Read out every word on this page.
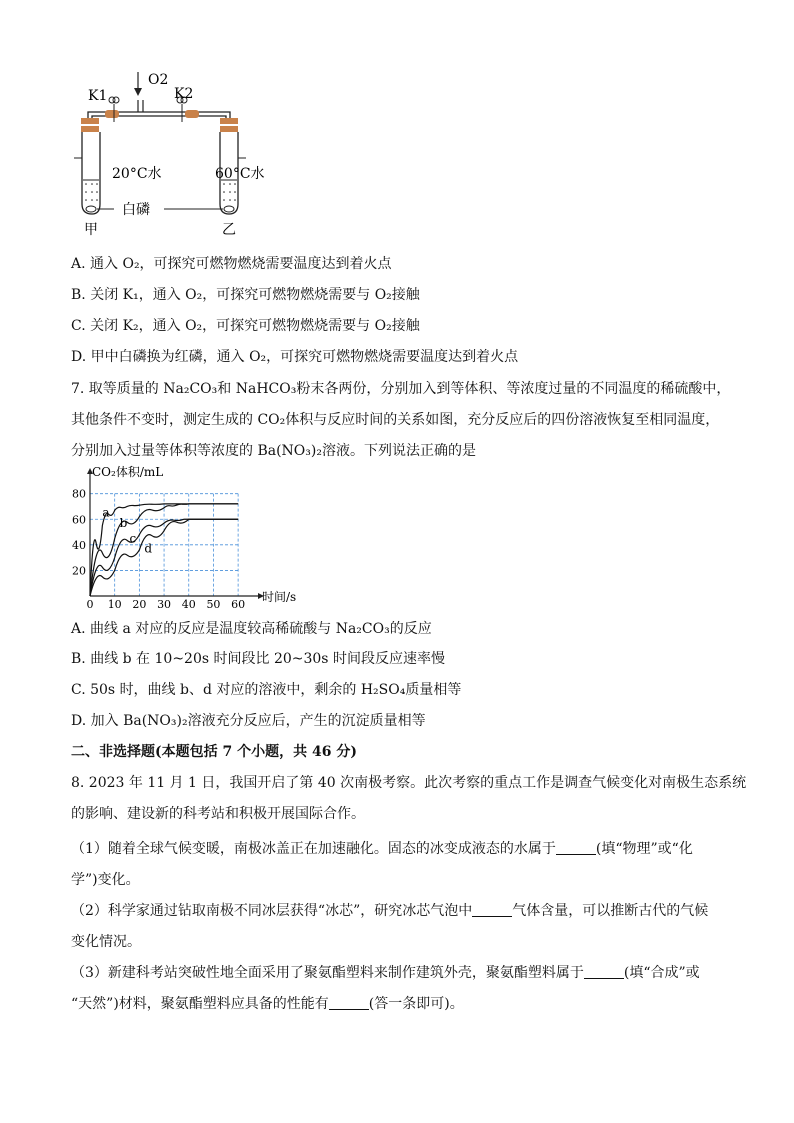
K1	K2
O2
20°C水	60°C水
白磷
甲	乙
A. 通入 O₂，可探究可燃物燃烧需要温度达到着火点
B. 关闭 K₁，通入 O₂，可探究可燃物燃烧需要与 O₂接触
C. 关闭 K₂，通入 O₂，可探究可燃物燃烧需要与 O₂接触
D. 甲中白磷换为红磷，通入 O₂，可探究可燃物燃烧需要温度达到着火点
7. 取等质量的 Na₂CO₃和 NaHCO₃粉末各两份，分别加入到等体积、等浓度过量的不同温度的稀硫酸中，
其他条件不变时，测定生成的 CO₂体积与反应时间的关系如图，充分反应后的四份溶液恢复至相同温度，
分别加入过量等体积等浓度的 Ba(NO₃)₂溶液。下列说法正确的是
a
b
c
d
0 10 20 30 40 50 60
20
40
60
80
CO₂体积/mL
时间/s
A. 曲线 a 对应的反应是温度较高稀硫酸与 Na₂CO₃的反应
B. 曲线 b 在 10~20s 时间段比 20~30s 时间段反应速率慢
C. 50s 时，曲线 b、d 对应的溶液中，剩余的 H₂SO₄质量相等
D. 加入 Ba(NO₃)₂溶液充分反应后，产生的沉淀质量相等
二、非选择题(本题包括 7 个小题，共 46 分)
8. 2023 年 11 月 1 日，我国开启了第 40 次南极考察。此次考察的重点工作是调查气候变化对南极生态系统
的影响、建设新的科考站和积极开展国际合作。
（1）随着全球气候变暖，南极冰盖正在加速融化。固态的冰变成液态的水属于	(填“物理”或“化
学”)变化。
（2）科学家通过钻取南极不同冰层获得“冰芯”，研究冰芯气泡中	气体含量，可以推断古代的气候
变化情况。
（3）新建科考站突破性地全面采用了聚氨酯塑料来制作建筑外壳，聚氨酯塑料属于	(填“合成”或
“天然”)材料，聚氨酯塑料应具备的性能有	(答一条即可)。
